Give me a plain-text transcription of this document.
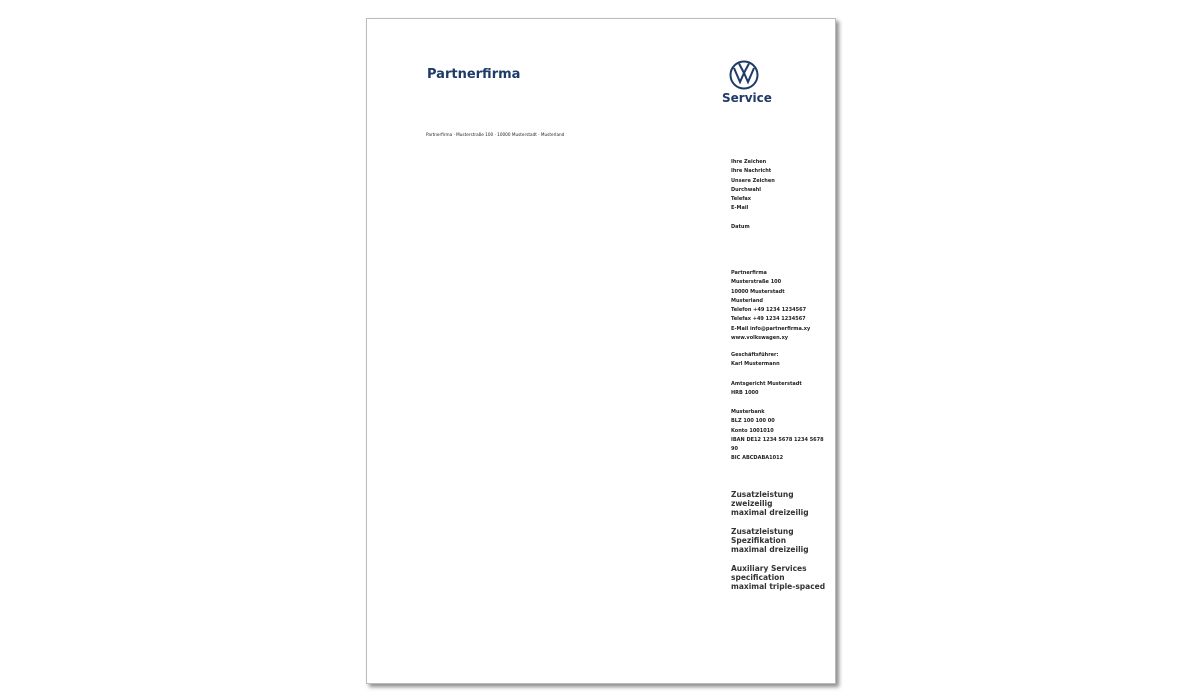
Partnerfirma
Service
Partnerfirma · Musterstraße 100 · 10000 Musterstadt · Musterland
Ihre Zeichen
Ihre Nachricht
Unsere Zeichen
Durchwahl
Telefax
E-Mail
Datum
Partnerfirma
Musterstraße 100
10000 Musterstadt
Musterland
Telefon +49 1234 1234567
Telefax +49 1234 1234567
E-Mail info@partnerfirma.xy
www.volkswagen.xy
Geschäftsführer:
Karl Mustermann
Amtsgericht Musterstadt
HRB 1000
Musterbank
BLZ 100 100 00
Konto 1001010
IBAN DE12 1234 5678 1234 5678
90
BIC ABCDABA1012
Zusatzleistung
zweizeilig
maximal dreizeilig
Zusatzleistung
Spezifikation
maximal dreizeilig
Auxiliary Services
specification
maximal triple-spaced
